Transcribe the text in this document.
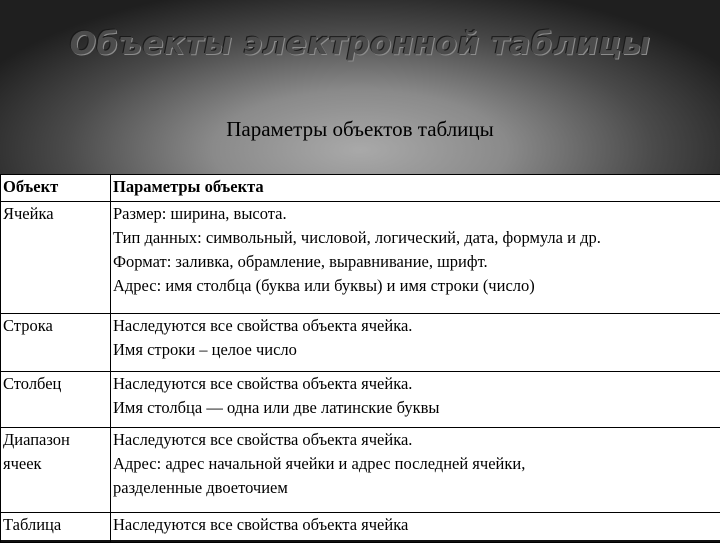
Объекты электронной таблицы
Параметры объектов таблицы
Объект	Параметры объекта
Ячейка	Размер: ширина, высота.
Тип данных: символьный, числовой, логический, дата, формула и др.
Формат: заливка, обрамление, выравнивание, шрифт.
Адрес: имя столбца (буква или буквы) и имя строки (число)

Строка	Наследуются все свойства объекта ячейка.
Имя строки – целое число

Столбец	Наследуются все свойства объекта ячейка.
Имя столбца — одна или две латинские буквы

Диапазон
ячеек	Наследуются все свойства объекта ячейка.
Адрес: адрес начальной ячейки и адрес последней ячейки,
разделенные двоеточием

Таблица	Наследуются все свойства объекта ячейка
